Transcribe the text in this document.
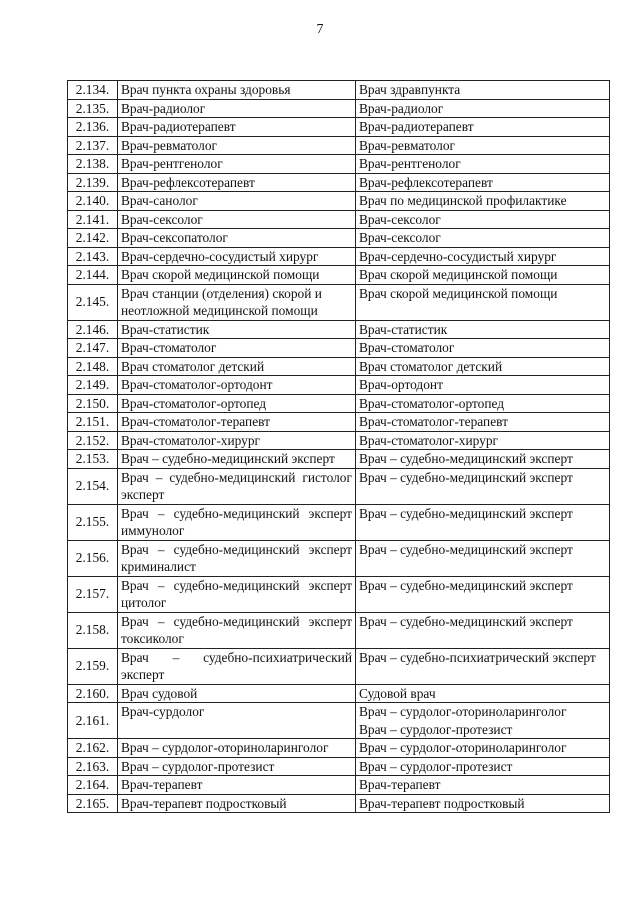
7
2.134.	Врач пункта охраны здоровья	Врач здравпункта
2.135.	Врач-радиолог	Врач-радиолог
2.136.	Врач-радиотерапевт	Врач-радиотерапевт
2.137.	Врач-ревматолог	Врач-ревматолог
2.138.	Врач-рентгенолог	Врач-рентгенолог
2.139.	Врач-рефлексотерапевт	Врач-рефлексотерапевт
2.140.	Врач-санолог	Врач по медицинской профилактике
2.141.	Врач-сексолог	Врач-сексолог
2.142.	Врач-сексопатолог	Врач-сексолог
2.143.	Врач-сердечно-сосудистый хирург	Врач-сердечно-сосудистый хирург
2.144.	Врач скорой медицинской помощи	Врач скорой медицинской помощи
2.145.	Врач станции (отделения) скорой и неотложной медицинской помощи	Врач скорой медицинской помощи
2.146.	Врач-статистик	Врач-статистик
2.147.	Врач-стоматолог	Врач-стоматолог
2.148.	Врач стоматолог детский	Врач стоматолог детский
2.149.	Врач-стоматолог-ортодонт	Врач-ортодонт
2.150.	Врач-стоматолог-ортопед	Врач-стоматолог-ортопед
2.151.	Врач-стоматолог-терапевт	Врач-стоматолог-терапевт
2.152.	Врач-стоматолог-хирург	Врач-стоматолог-хирург
2.153.	Врач – судебно-медицинский эксперт	Врач – судебно-медицинский эксперт
2.154.	Врач – судебно-медицинский гистолог эксперт	Врач – судебно-медицинский эксперт
2.155.	Врач – судебно-медицинский эксперт иммунолог	Врач – судебно-медицинский эксперт
2.156.	Врач – судебно-медицинский эксперт криминалист	Врач – судебно-медицинский эксперт
2.157.	Врач – судебно-медицинский эксперт цитолог	Врач – судебно-медицинский эксперт
2.158.	Врач – судебно-медицинский эксперт токсиколог	Врач – судебно-медицинский эксперт
2.159.	Врач – судебно-психиатрический эксперт	Врач – судебно-психиатрический эксперт
2.160.	Врач судовой	Судовой врач
2.161.	Врач-сурдолог	Врач – сурдолог-оториноларинголог
Врач – сурдолог-протезист
2.162.	Врач – сурдолог-оториноларинголог	Врач – сурдолог-оториноларинголог
2.163.	Врач – сурдолог-протезист	Врач – сурдолог-протезист
2.164.	Врач-терапевт	Врач-терапевт
2.165.	Врач-терапевт подростковый	Врач-терапевт подростковый
